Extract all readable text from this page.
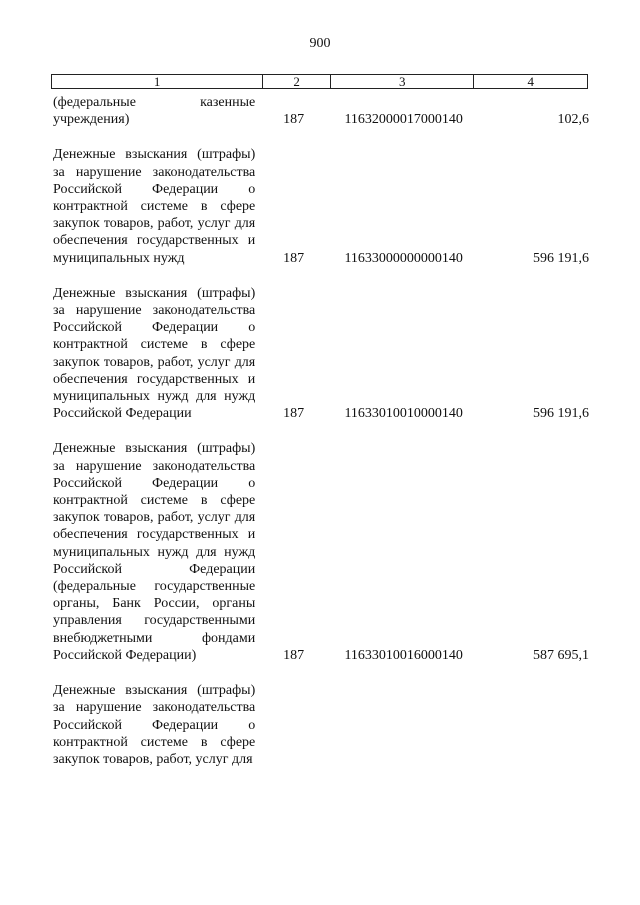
900
1	2	3	4
(федеральные казенные учреждения)	187	11632000017000140	102,6
Денежные взыскания (штрафы) за нарушение законодательства Российской Федерации о контрактной системе в сфере закупок товаров, работ, услуг для обеспечения государственных и муниципальных нужд	187	11633000000000140	596 191,6
Денежные взыскания (штрафы) за нарушение законодательства Российской Федерации о контрактной системе в сфере закупок товаров, работ, услуг для обеспечения государственных и муниципальных нужд для нужд Российской Федерации	187	11633010010000140	596 191,6
Денежные взыскания (штрафы) за нарушение законодательства Российской Федерации о контрактной системе в сфере закупок товаров, работ, услуг для обеспечения государственных и муниципальных нужд для нужд Российской Федерации (федеральные государственные органы, Банк России, органы управления государственными внебюджетными фондами Российской Федерации)	187	11633010016000140	587 695,1
Денежные взыскания (штрафы) за нарушение законодательства Российской Федерации о контрактной системе в сфере закупок товаров, работ, услуг для
